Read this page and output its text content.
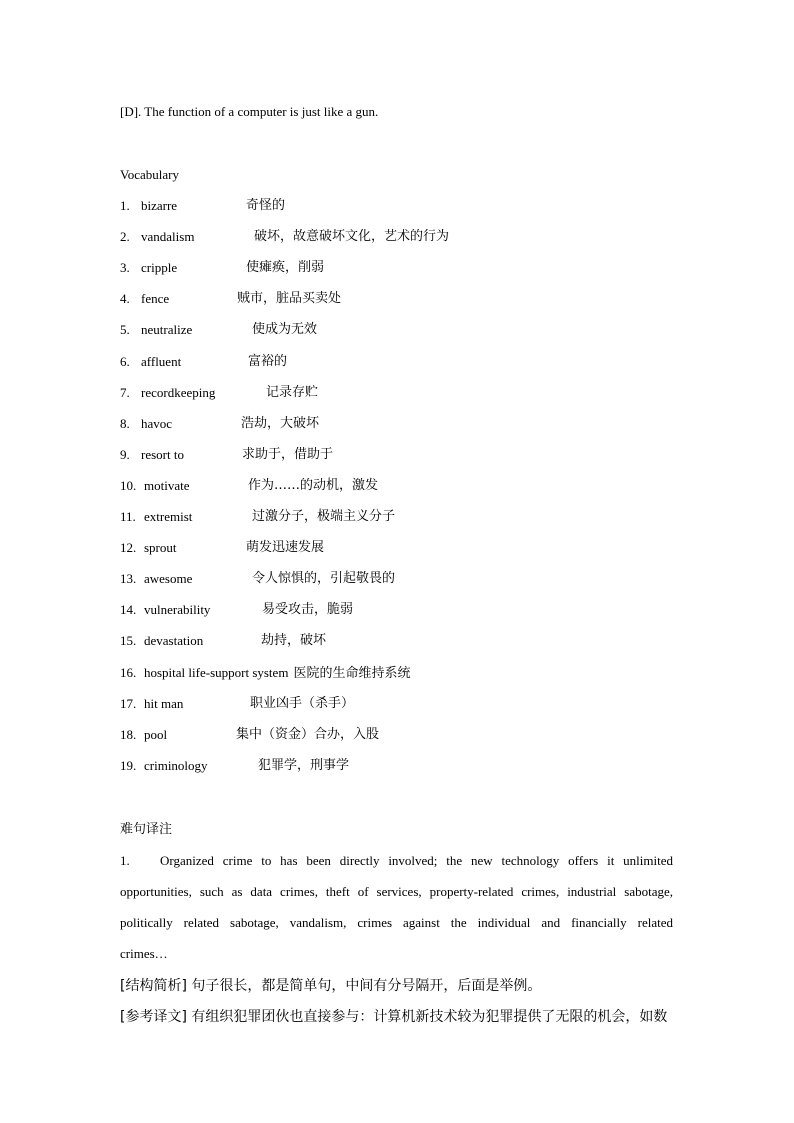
[D]. The function of a computer is just like a gun.
Vocabulary
1. bizarre	奇怪的
2. vandalism	破坏，故意破坏文化，艺术的行为
3. cripple	使瘫痪，削弱
4. fence	贼市，脏品买卖处
5. neutralize	使成为无效
6. affluent	富裕的
7. recordkeeping	记录存贮
8. havoc	浩劫，大破坏
9. resort to	求助于，借助于
10. motivate	作为……的动机，激发
11. extremist	过激分子，极端主义分子
12. sprout	萌发迅速发展
13. awesome	令人惊惧的，引起敬畏的
14. vulnerability	易受攻击，脆弱
15. devastation	劫持，破坏
16. hospital life-support system 医院的生命维持系统
17. hit man	职业凶手（杀手）
18. pool	集中（资金）合办，入股
19. criminology	犯罪学，刑事学
难句译注
1. Organized crime to has been directly involved; the new technology offers it unlimited
opportunities, such as data crimes, theft of services, property-related crimes, industrial sabotage,
politically related sabotage, vandalism, crimes against the individual and financially related
crimes…
[结构简析] 句子很长，都是简单句，中间有分号隔开，后面是举例。
[参考译文] 有组织犯罪团伙也直接参与：计算机新技术较为犯罪提供了无限的机会，如数
